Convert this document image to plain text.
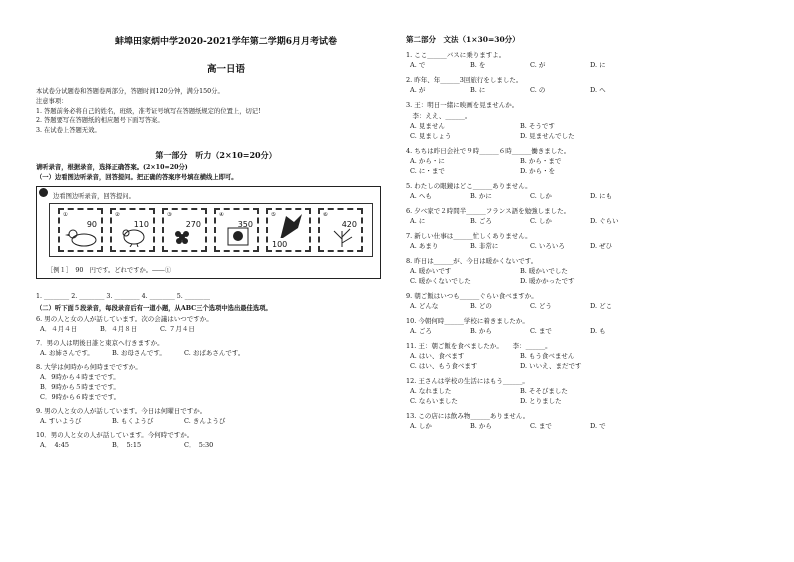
蚌埠田家炳中学2020-2021学年第二学期6月月考试卷
高一日语
本试卷分试题卷和答题卷两部分，答题时间120分钟，满分150分。
注意事项：
1. 答题前务必将自己的姓名，班级，准考证号填写在答题纸规定的位置上，切记!
2. 答题要写在答题纸的相应题号下面写答案。
3. 在试卷上答题无效。
第一部分　听力（2×10=20分）
请听录音，根据录音，选择正确答案。(2×10=20分)
（一）边看图边听录音，回答提问。把正确的答案序号填在横线上即可。
边看图边听录音，回答提问。
①
90
②
110
③
270
④
350
⑤
100
⑥
420
［例１］　90　円です。どれですか。――①
1. ________ 2. ________ 3. ________ 4. ________ 5. ________
（二）听下面５段录音，每段录音后有一道小题，从ABC三个选项中选出最佳选项。
6. 男の人と女の人が話しています。次の会議はいつですか。
A．４月４日	B．４月８日	C. ７月４日
7．男の人は明後日誰と東京へ行きますか。
A. お姉さんです。	B. お母さんです。	C. おばあさんです。
8. 大学は何時から何時までですか。
A．9時から４時までです。
B．9時から５時までです。
C．9時から６時までです。
9. 男の人と女の人が話しています。今日は何曜日ですか。
A. すいようび	B. もくようび	C. きんようび
10．男の人と女の人が話しています。今何時ですか。
A．　4:45	B．　5:15	C．　5:30
第二部分　文法（1×30=30分）
1. ここ______バスに乗りますよ。
A. で	B. を	C. が	D. に
2. 昨年、年______3回旅行をしました。
A. が	B. に	C. の	D. へ
3. 王：明日一緒に映画を見ませんか。
　李：ええ、______。
A. 見ません	B. そうです
C. 見ましょう	D. 見ませんでした
4. ちちは昨日会社で９時______６時______働きました。
A. から・に	B. から・まで
C. に・まで	D. から・を
5. わたしの眼鏡はどこ______ありません。
A. へも	B. かに	C. しか	D. にも
6. 夕べ家で２時間半______フランス語を勉強しました。
A. に	B. ごろ	C. しか	D. ぐらい
7. 新しい仕事は______忙しくありません。
A. あまり	B. 非常に	C. いろいろ	D. ぜひ
8. 昨日は______が、今日は暖かくないです。
A. 暖かいです	B. 暖かいでした
C. 暖かくないでした	D. 暖かかったです
9. 朝ご飯はいつも______ぐらい食べますか。
A. どんな	B. どの	C. どう	D. どこ
10. 今朝何時______学校に着きましたか。
A. ごろ	B. から	C. まで	D. も
11. 王：朝ご飯を食べましたか。　　李：______。
A. はい、食べます	B. もう食べません
C. はい、もう食べます	D. いいえ、まだです
12. 王さんは学校の生活にはもう______。
A. なれました	B. そそびました
C. ならいました	D. とりました
13. この店には飲み物______ありません。
A. しか	B. から	C. まで	D. で
